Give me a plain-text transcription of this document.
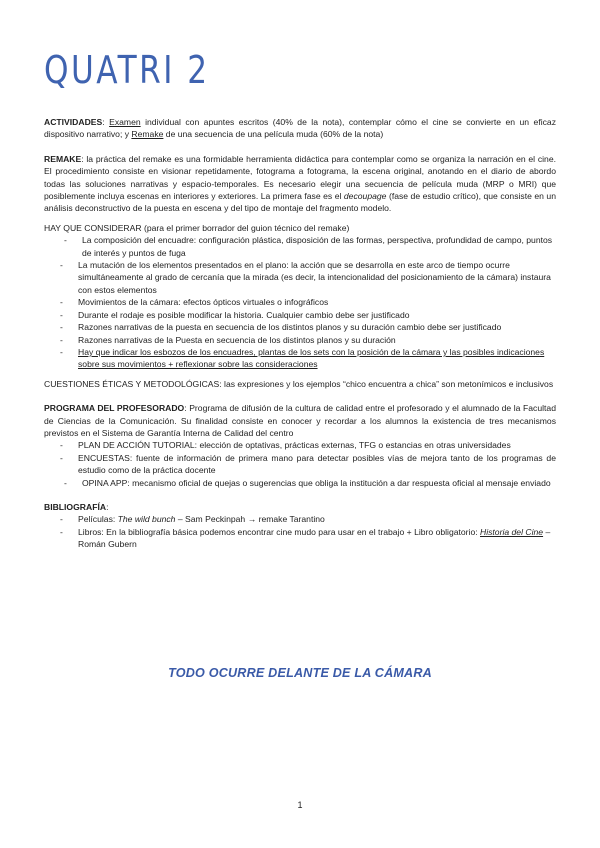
QUATRI 2

ACTIVIDADES: Examen individual con apuntes escritos (40% de la nota), contemplar cómo el cine se convierte en un eficaz dispositivo narrativo; y Remake de una secuencia de una película muda (60% de la nota)

REMAKE: la práctica del remake es una formidable herramienta didáctica para contemplar como se organiza la narración en el cine. El procedimiento consiste en visionar repetidamente, fotograma a fotograma, la escena original, anotando en el diario de abordo todas las soluciones narrativas y espacio-temporales. Es necesario elegir una secuencia de película muda (MRP o MRI) que posiblemente incluya escenas en interiores y exteriores. La primera fase es el decoupage (fase de estudio crítico), que consiste en un análisis deconstructivo de la puesta en escena y del tipo de montaje del fragmento modelo.

HAY QUE CONSIDERAR (para el primer borrador del guion técnico del remake)

- La composición del encuadre: configuración plástica, disposición de las formas, perspectiva, profundidad de campo, puntos de interés y puntos de fuga
- La mutación de los elementos presentados en el plano: la acción que se desarrolla en este arco de tiempo ocurre simultáneamente al grado de cercanía que la mirada (es decir, la intencionalidad del posicionamiento de la cámara) instaura con estos elementos
- Movimientos de la cámara: efectos ópticos virtuales o infográficos
- Durante el rodaje es posible modificar la historia. Cualquier cambio debe ser justificado
- Razones narrativas de la puesta en secuencia de los distintos planos y su duración cambio debe ser justificado
- Razones narrativas de la Puesta en secuencia de los distintos planos y su duración
- Hay que indicar los esbozos de los encuadres, plantas de los sets con la posición de la cámara y las posibles indicaciones sobre sus movimientos + reflexionar sobre las consideraciones

CUESTIONES ÉTICAS Y METODOLÓGICAS: las expresiones y los ejemplos “chico encuentra a chica” son metonímicos e inclusivos

PROGRAMA DEL PROFESORADO: Programa de difusión de la cultura de calidad entre el profesorado y el alumnado de la Facultad de Ciencias de la Comunicación. Su finalidad consiste en conocer y recordar a los alumnos la existencia de tres mecanismos previstos en el Sistema de Garantía Interna de Calidad del centro

- PLAN DE ACCIÓN TUTORIAL: elección de optativas, prácticas externas, TFG o estancias en otras universidades
- ENCUESTAS: fuente de información de primera mano para detectar posibles vías de mejora tanto de los programas de estudio como de la práctica docente
- OPINA APP: mecanismo oficial de quejas o sugerencias que obliga la institución a dar respuesta oficial al mensaje enviado

BIBLIOGRAFÍA:

- Películas: The wild bunch – Sam Peckinpah → remake Tarantino
- Libros: En la bibliografía básica podemos encontrar cine mudo para usar en el trabajo + Libro obligatorio: Historia del Cine – Román Gubern
TODO OCURRE DELANTE DE LA CÁMARA
1
